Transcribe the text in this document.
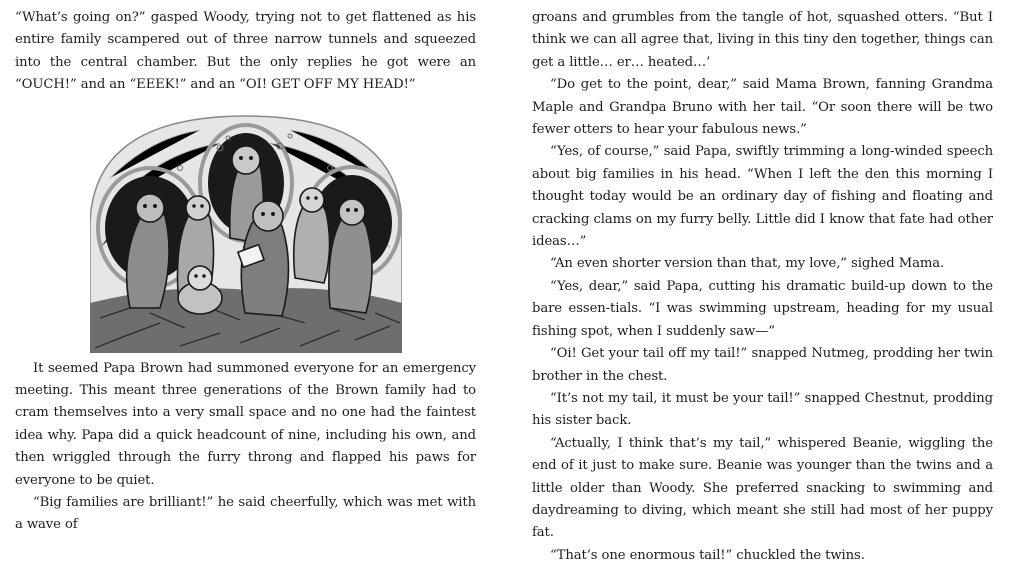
“What’s going on?” gasped Woody, trying not to get flattened as his entire family scampered out of three narrow tunnels and squeezed into the central chamber. But the only replies he got were an “OUCH!” and an “EEEK!” and an “OI! GET OFF MY HEAD!”

It seemed Papa Brown had summoned everyone for an emergency meeting. This meant three generations of the Brown family had to cram themselves into a very small space and no one had the faintest idea why. Papa did a quick headcount of nine, including his own, and then wriggled through the furry throng and flapped his paws for everyone to be quiet.

“Big families are brilliant!” he said cheerfully, which was met with a wave of

groans and grumbles from the tangle of hot, squashed otters. “But I think we can all agree that, living in this tiny den together, things can get a little… er… heated…’

“Do get to the point, dear,” said Mama Brown, fanning Grandma Maple and Grandpa Bruno with her tail. “Or soon there will be two fewer otters to hear your fabulous news.”

“Yes, of course,” said Papa, swiftly trimming a long-winded speech about big families in his head. “When I left the den this morning I thought today would be an ordinary day of fishing and floating and cracking clams on my furry belly. Little did I know that fate had other ideas…”

“An even shorter version than that, my love,” sighed Mama.

“Yes, dear,” said Papa, cutting his dramatic build-up down to the bare essen-tials. “I was swimming upstream, heading for my usual fishing spot, when I suddenly saw—”

“Oi! Get your tail off my tail!” snapped Nutmeg, prodding her twin brother in the chest.

“It’s not my tail, it must be your tail!” snapped Chestnut, prodding his sister back.

“Actually, I think that’s my tail,” whispered Beanie, wiggling the end of it just to make sure. Beanie was younger than the twins and a little older than Woody. She preferred snacking to swimming and daydreaming to diving, which meant she still had most of her puppy fat.

“That’s one enormous tail!” chuckled the twins.
